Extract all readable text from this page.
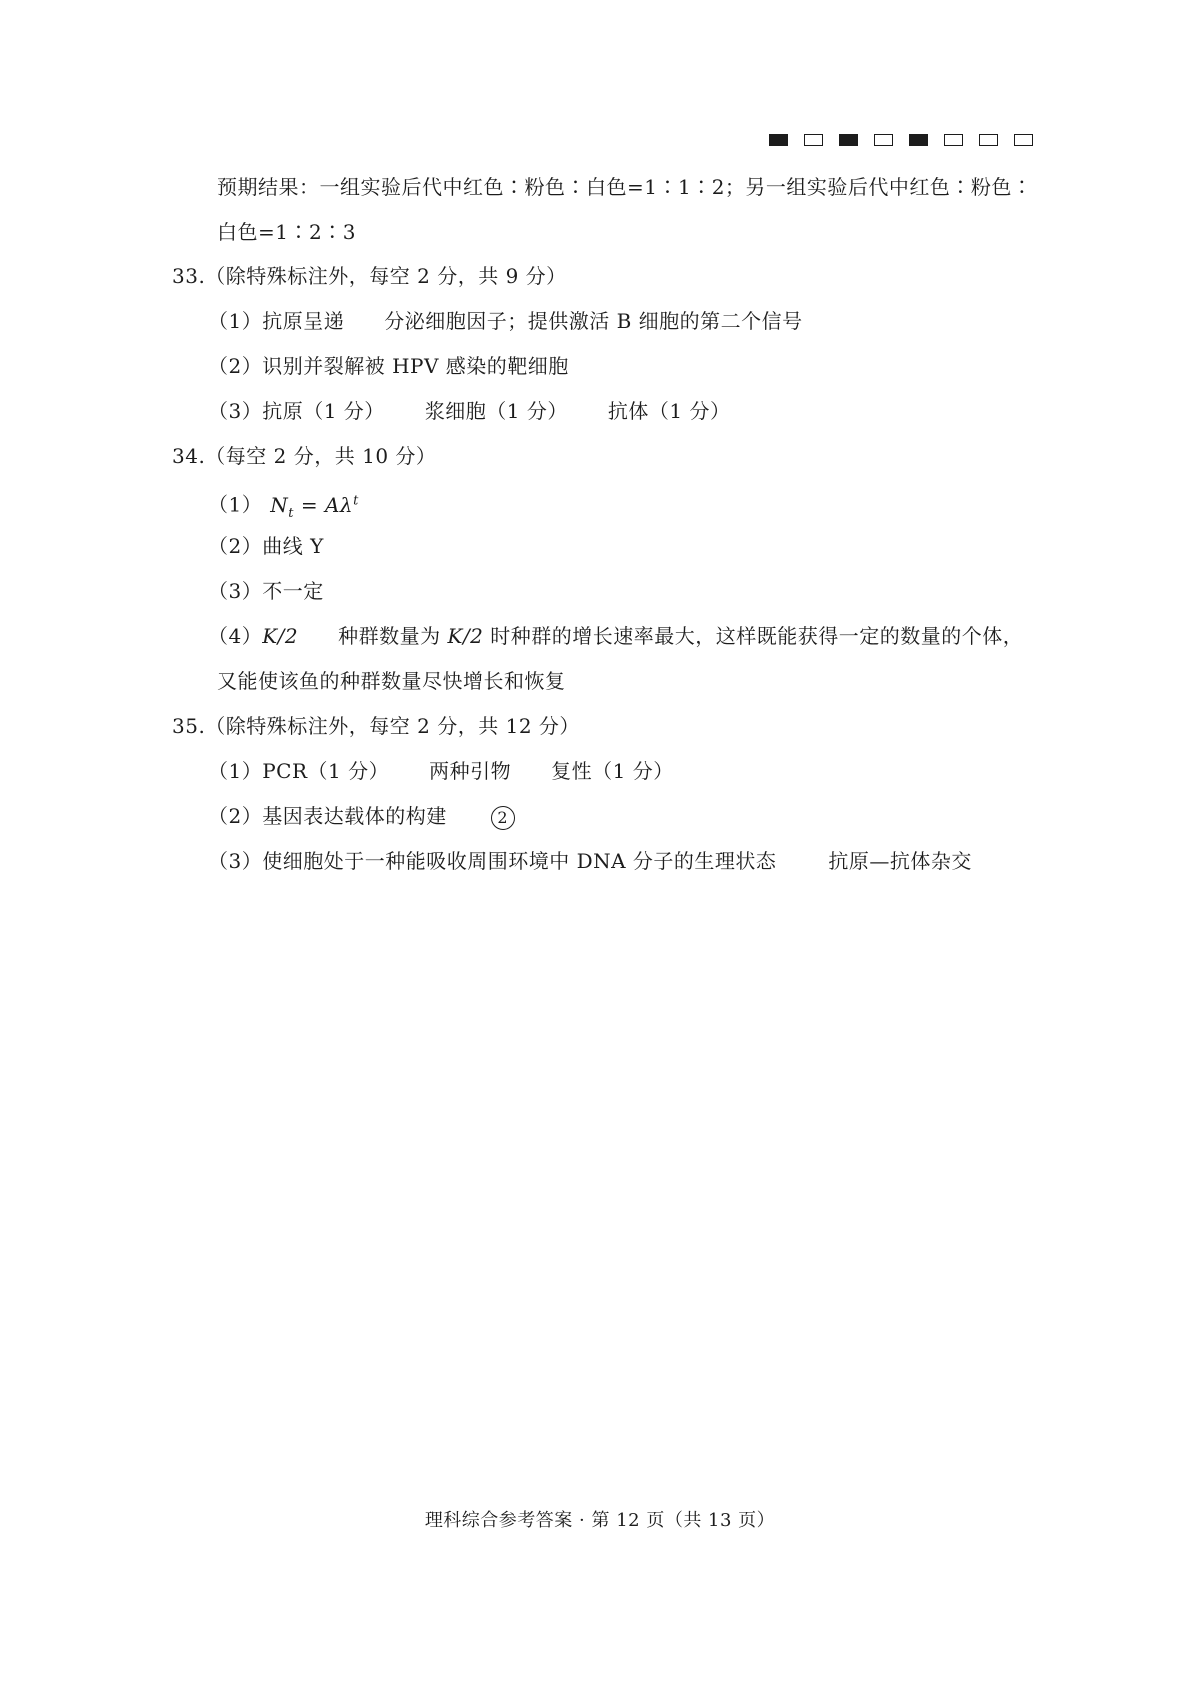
预期结果：一组实验后代中红色∶粉色∶白色=1∶1∶2；另一组实验后代中红色∶粉色∶
白色=1∶2∶3
33.（除特殊标注外，每空 2 分，共 9 分）
（1）抗原呈递 分泌细胞因子；提供激活 B 细胞的第二个信号
（2）识别并裂解被 HPV 感染的靶细胞
（3）抗原（1 分） 浆细胞（1 分） 抗体（1 分）
34.（每空 2 分，共 10 分）
（1） $N_t = A\lambda^t$
（2）曲线 Y
（3）不一定
（4）K/2 种群数量为 K/2 时种群的增长速率最大，这样既能获得一定的数量的个体，
又能使该鱼的种群数量尽快增长和恢复
35.（除特殊标注外，每空 2 分，共 12 分）
（1）PCR（1 分） 两种引物 复性（1 分）
（2）基因表达载体的构建	2
（3）使细胞处于一种能吸收周围环境中 DNA 分子的生理状态	抗原—抗体杂交
理科综合参考答案 · 第 12 页（共 13 页）
